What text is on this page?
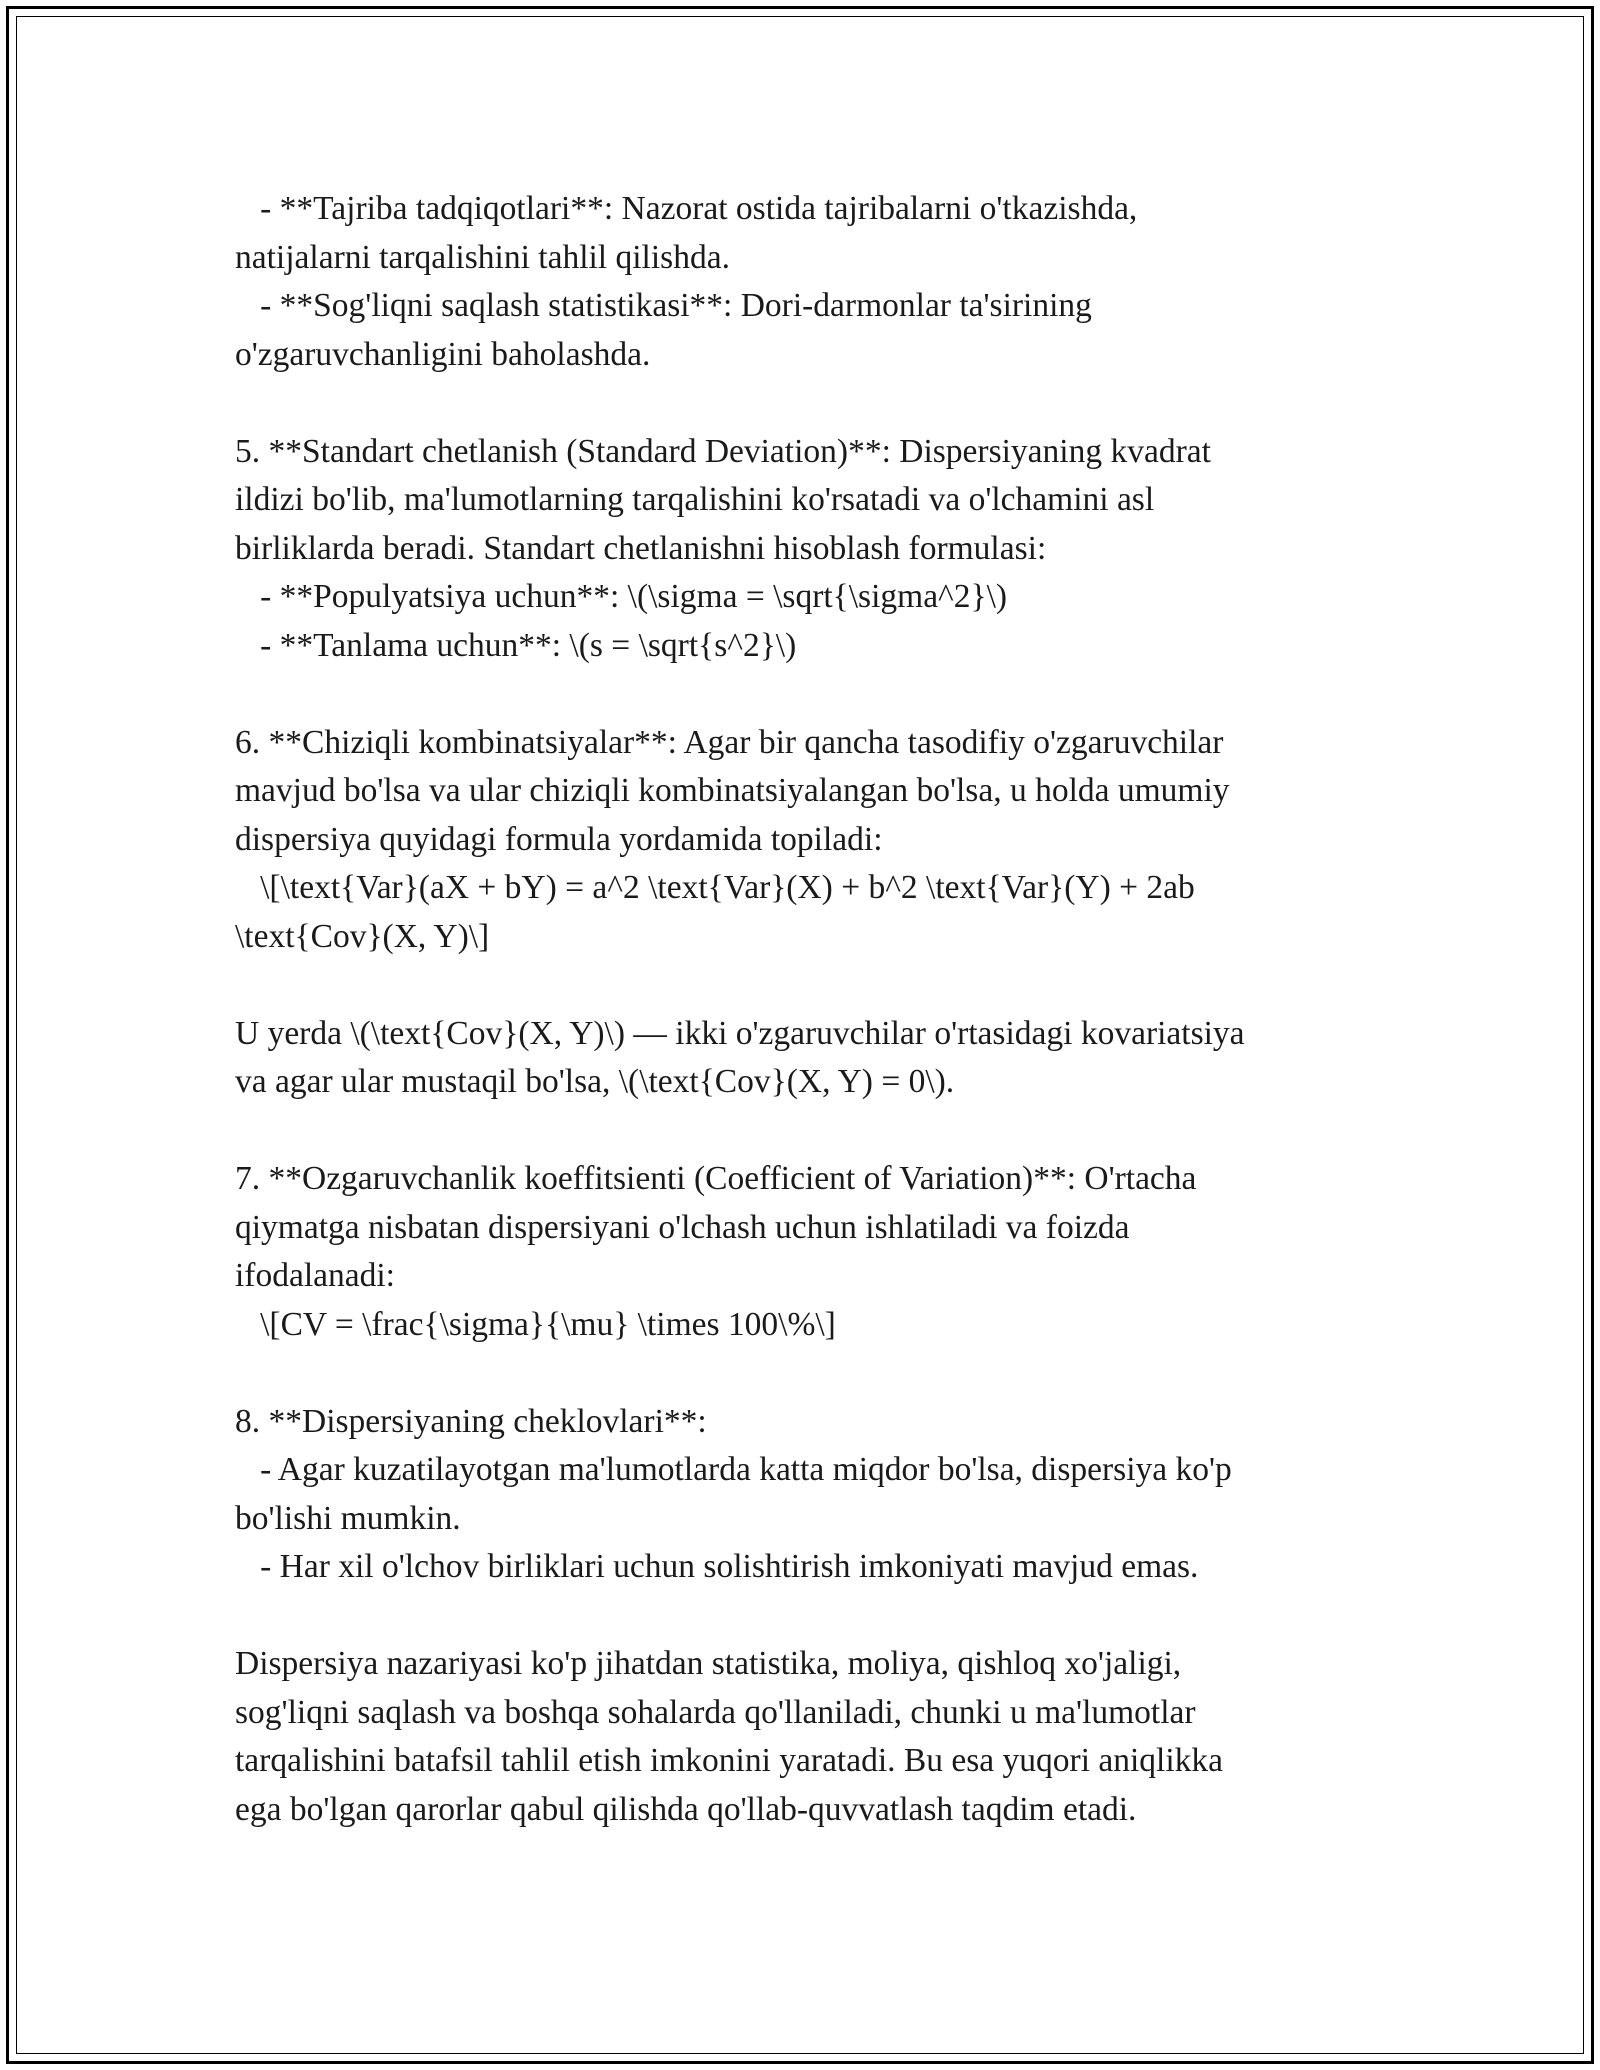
- **Tajriba tadqiqotlari**: Nazorat ostida tajribalarni o'tkazishda,
natijalarni tarqalishini tahlil qilishda.
- **Sog'liqni saqlash statistikasi**: Dori-darmonlar ta'sirining
o'zgaruvchanligini baholashda.
5. **Standart chetlanish (Standard Deviation)**: Dispersiyaning kvadrat
ildizi bo'lib, ma'lumotlarning tarqalishini ko'rsatadi va o'lchamini asl
birliklarda beradi. Standart chetlanishni hisoblash formulasi:
- **Populyatsiya uchun**: \(\sigma = \sqrt{\sigma^2}\)
- **Tanlama uchun**: \(s = \sqrt{s^2}\)
6. **Chiziqli kombinatsiyalar**: Agar bir qancha tasodifiy o'zgaruvchilar
mavjud bo'lsa va ular chiziqli kombinatsiyalangan bo'lsa, u holda umumiy
dispersiya quyidagi formula yordamida topiladi:
\[\text{Var}(aX + bY) = a^2 \text{Var}(X) + b^2 \text{Var}(Y) + 2ab
\text{Cov}(X, Y)\]
U yerda \(\text{Cov}(X, Y)\) — ikki o'zgaruvchilar o'rtasidagi kovariatsiya
va agar ular mustaqil bo'lsa, \(\text{Cov}(X, Y) = 0\).
7. **Ozgaruvchanlik koeffitsienti (Coefficient of Variation)**: O'rtacha
qiymatga nisbatan dispersiyani o'lchash uchun ishlatiladi va foizda
ifodalanadi:
\[CV = \frac{\sigma}{\mu} \times 100\%\]
8. **Dispersiyaning cheklovlari**:
- Agar kuzatilayotgan ma'lumotlarda katta miqdor bo'lsa, dispersiya ko'p
bo'lishi mumkin.
- Har xil o'lchov birliklari uchun solishtirish imkoniyati mavjud emas.
Dispersiya nazariyasi ko'p jihatdan statistika, moliya, qishloq xo'jaligi,
sog'liqni saqlash va boshqa sohalarda qo'llaniladi, chunki u ma'lumotlar
tarqalishini batafsil tahlil etish imkonini yaratadi. Bu esa yuqori aniqlikka
ega bo'lgan qarorlar qabul qilishda qo'llab-quvvatlash taqdim etadi.
